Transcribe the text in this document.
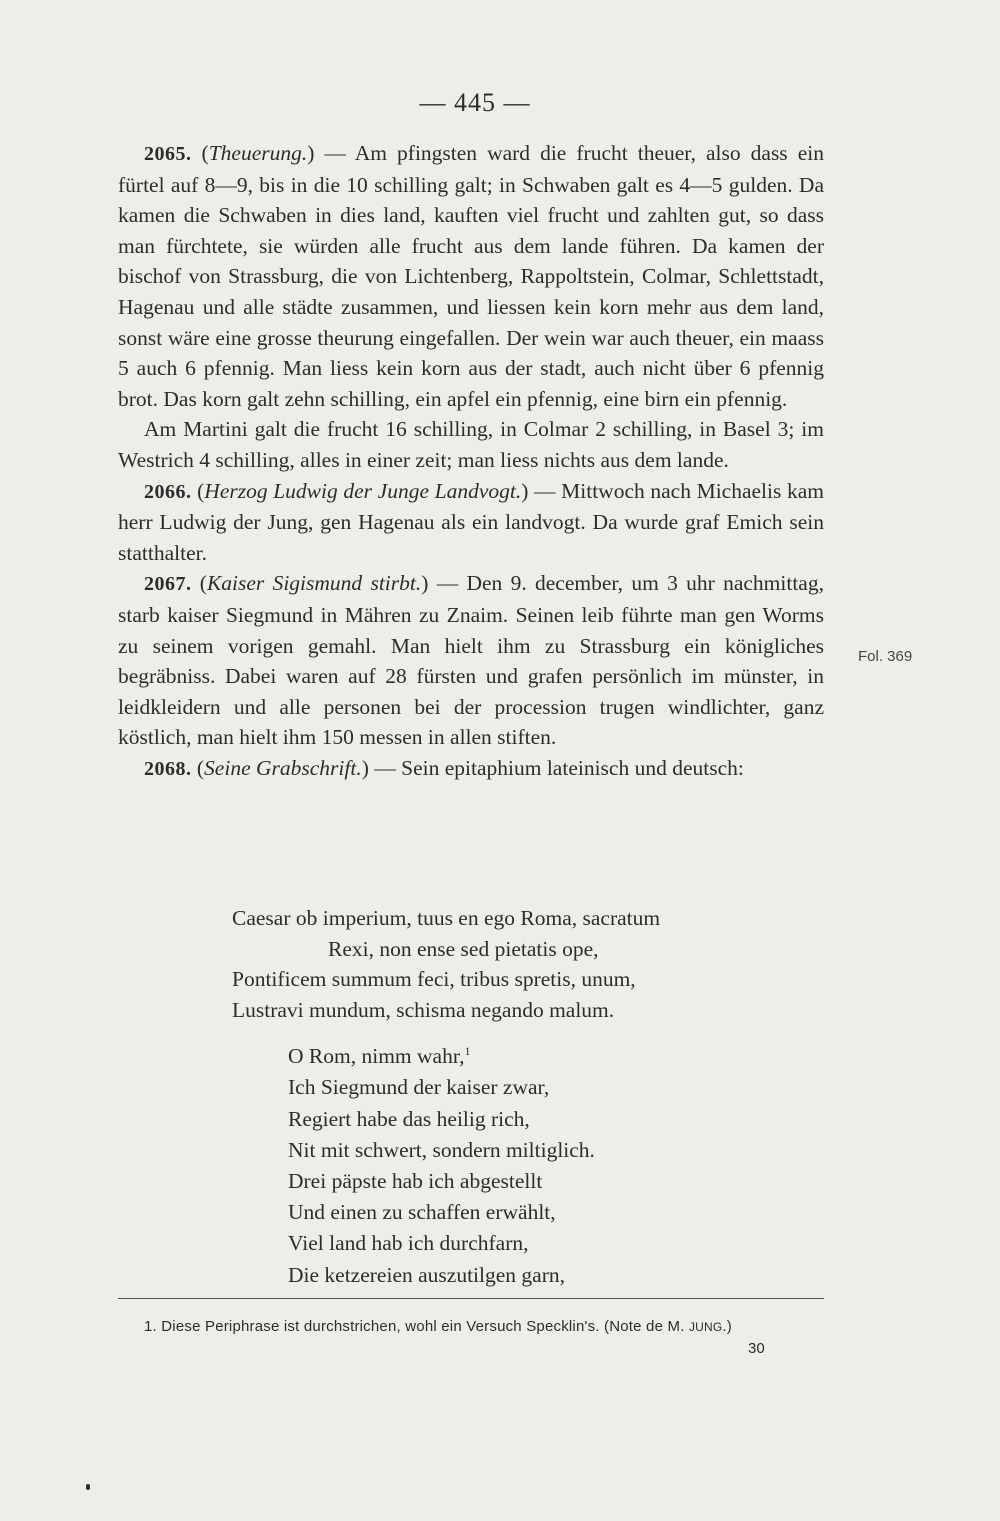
— 445 —

2065. (Theuerung.) — Am pfingsten ward die frucht theuer, also dass ein fürtel auf 8—9, bis in die 10 schilling galt; in Schwaben galt es 4—5 gulden. Da kamen die Schwaben in dies land, kauften viel frucht und zahlten gut, so dass man fürchtete, sie würden alle frucht aus dem lande führen. Da kamen der bischof von Strassburg, die von Lichtenberg, Rappoltstein, Colmar, Schlettstadt, Hagenau und alle städte zusammen, und liessen kein korn mehr aus dem land, sonst wäre eine grosse theurung eingefallen. Der wein war auch theuer, ein maass 5 auch 6 pfennig. Man liess kein korn aus der stadt, auch nicht über 6 pfennig brot. Das korn galt zehn schilling, ein apfel ein pfennig, eine birn ein pfennig.

Am Martini galt die frucht 16 schilling, in Colmar 2 schilling, in Basel 3; im Westrich 4 schilling, alles in einer zeit; man liess nichts aus dem lande.

2066. (Herzog Ludwig der Junge Landvogt.) — Mittwoch nach Michaelis kam herr Ludwig der Jung, gen Hagenau als ein landvogt. Da wurde graf Emich sein statthalter.

2067. (Kaiser Sigismund stirbt.) — Den 9. december, um 3 uhr nachmittag, starb kaiser Siegmund in Mähren zu Znaim. Seinen leib führte man gen Worms zu seinem vorigen gemahl. Man hielt ihm zu Strassburg ein königliches begräbniss. Dabei waren auf 28 fürsten und grafen persönlich im münster, in leidkleidern und alle personen bei der procession trugen windlichter, ganz köstlich, man hielt ihm 150 messen in allen stiften.

2068. (Seine Grabschrift.) — Sein epitaphium lateinisch und deutsch:

Fol. 369
Caesar ob imperium, tuus en ego Roma, sacratum
Rexi, non ense sed pietatis ope,
Pontificem summum feci, tribus spretis, unum,
Lustravi mundum, schisma negando malum.
O Rom, nimm wahr,$^1$
Ich Siegmund der kaiser zwar,
Regiert habe das heilig rich,
Nit mit schwert, sondern miltiglich.
Drei päpste hab ich abgestellt
Und einen zu schaffen erwählt,
Viel land hab ich durchfarn,
Die ketzereien auszutilgen garn,
1. Diese Periphrase ist durchstrichen, wohl ein Versuch Specklin's. (Note de M. JUNG.)
30
